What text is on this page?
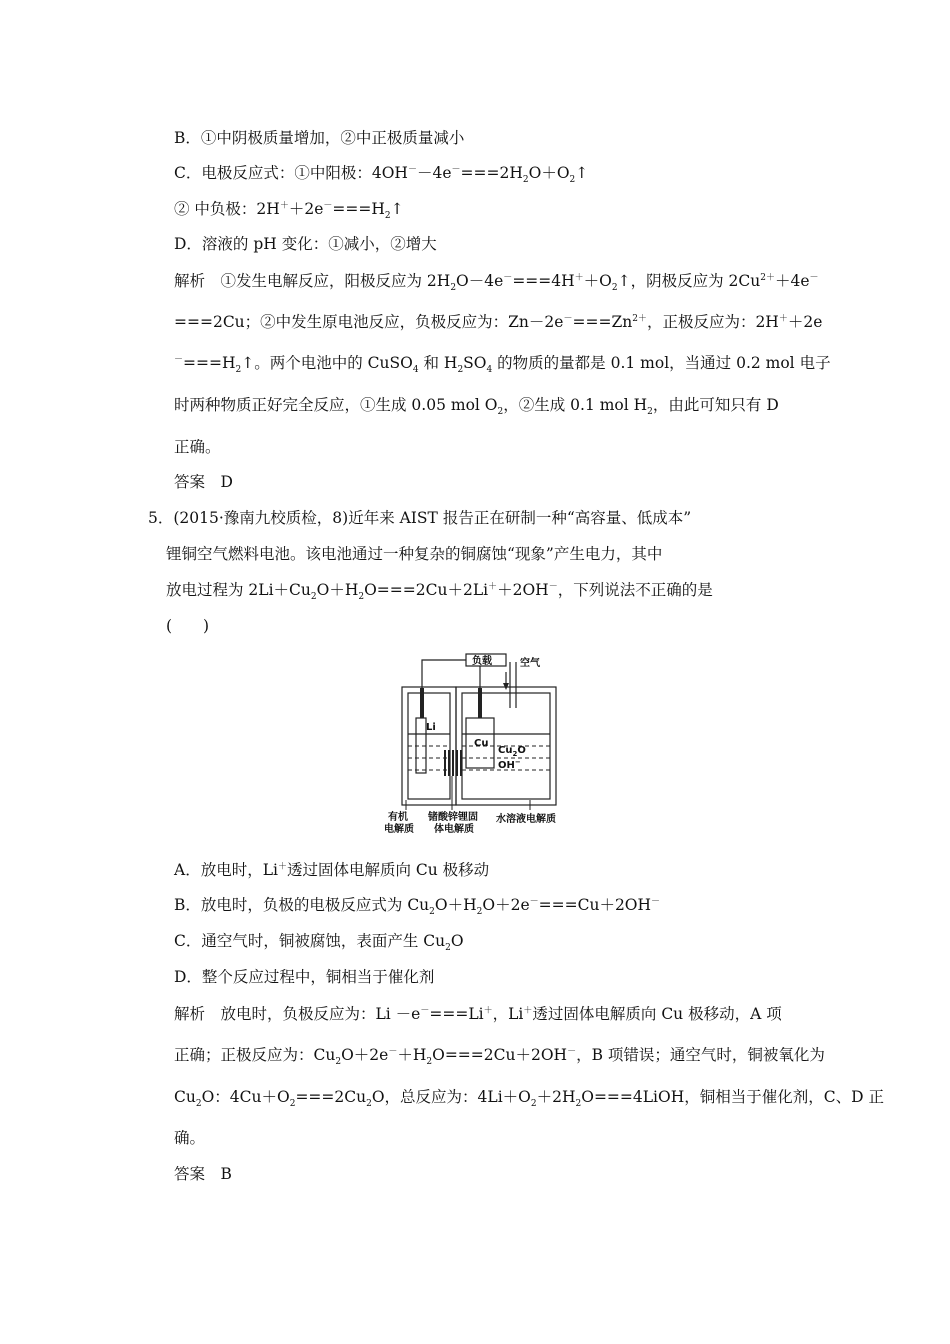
B．①中阴极质量增加，②中正极质量减小
C．电极反应式：①中阳极：$4OH^--4e^-===2H_2O+O_2↑$
② 中负极：$2H^++2e^-===H_2↑$
D．溶液的 pH 变化：①减小，②增大
解析　①发生电解反应，阳极反应为 $2H_2O-4e^-===4H^++O_2↑$，阴极反应为 $2Cu^{2+}+4e^-$
===2Cu；②中发生原电池反应，负极反应为：$Zn-2e^-===Zn^{2+}$，正极反应为：2H＋＋2e
$^-===H_2↑$。两个电池中的 CuSO$_4$ 和 $H_2SO_4$ 的物质的量都是 0.1 mol，当通过 0.2 mol 电子
时两种物质正好完全反应，①生成 0.05 mol $O_2$，②生成 0.1 mol $H_2$，由此可知只有 D
正确。
答案　D
5．(2015·豫南九校质检，8)近年来 AIST 报告正在研制一种“高容量、低成本”
锂铜空气燃料电池。该电池通过一种复杂的铜腐蚀“现象”产生电力，其中
放电过程为 $2Li+Cu_2O+H_2O===2Cu+2Li^++2OH^-$，下列说法不正确的是
(　　)
负载	空气
Li
Cu
$Cu_2O$
OH−
有机
电解质
锗酸锌锂固
体电解质
水溶液电解质
A．放电时，Li＋透过固体电解质向 Cu 极移动
B．放电时，负极的电极反应式为 $Cu_2O+H_2O+2e^-===Cu+2OH^-$
C．通空气时，铜被腐蚀，表面产生 $Cu_2O$
D．整个反应过程中，铜相当于催化剂
解析　放电时，负极反应为：Li －e－===Li＋，Li＋透过固体电解质向 Cu 极移动，A 项
正确；正极反应为：$Cu_2O+2e^-+H_2O===2Cu+2OH^-$，B 项错误；通空气时，铜被氧化为
$Cu_2O$：$4Cu+O_2===2Cu_2O$，总反应为：$4Li+O_2+2H_2O===4LiOH$，铜相当于催化剂，C、D 正
确。
答案　B
